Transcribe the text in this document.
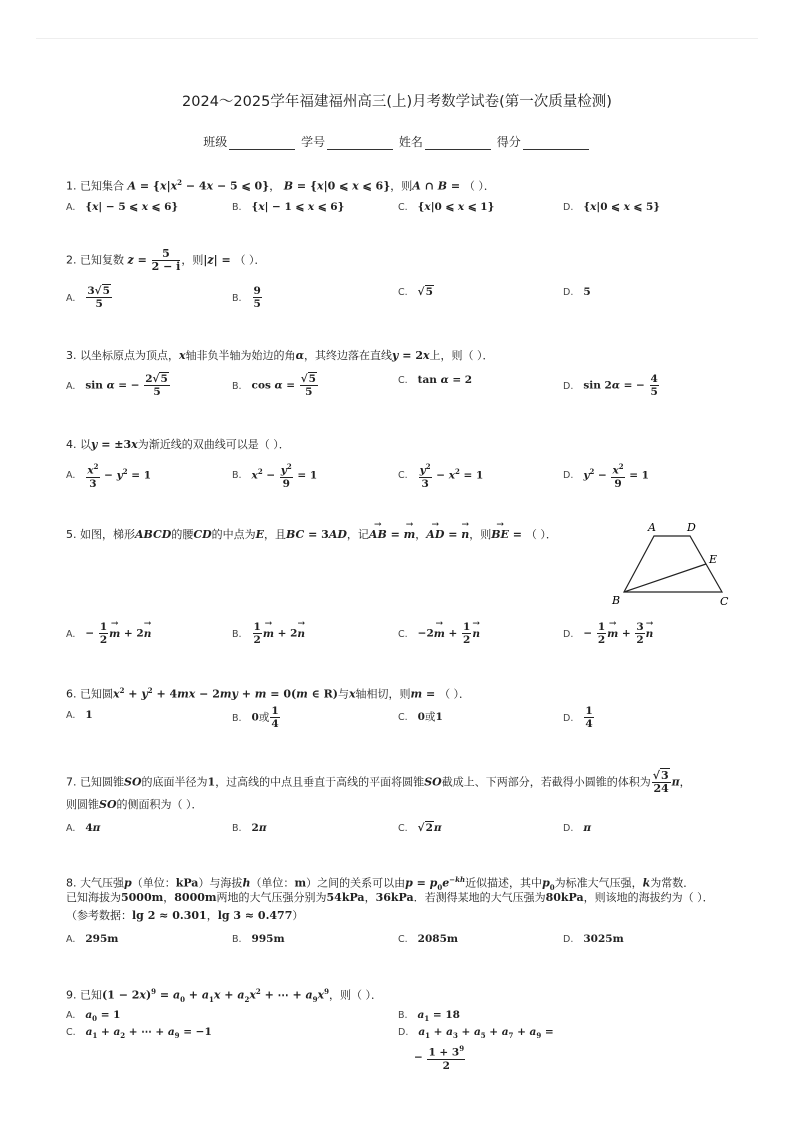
2024～2025学年福建福州高三(上)月考数学试卷(第一次质量检测)
班级	学号	姓名	得分
1. 已知集合 $A = \{x|x^2 - 4x - 5$ ⩽ 0}， B = {x|0 ⩽ x ⩽ 6}，则A ∩ B = （ ）．
A. {x| − 5 ⩽ x ⩽ 6}	B. {x| − 1 ⩽ x ⩽ 6}	C. {x|0 ⩽ x ⩽ 1}	D. {x|0 ⩽ x ⩽ 5}
2. 已知复数 $z = \frac{5}{2 - i}$ ，则|z| = （ ）．
A. $\frac{3√5}{5}$	B. $\frac{9}{5}$	C. √5	D. 5
3. 以坐标原点为顶点，x轴非负半轴为始边的角α，其终边落在直线y = 2x上，则（ ）．
A. sin α = − $\frac{2√5}{5}$	B. $\cos \alpha = \frac{√5}{5}$	C. tan α = 2	D. sin 2α = − $\frac{4}{5}$
4. 以y = ±3x为渐近线的双曲线可以是（ ）．
A. $\frac{x^2}{3} - y^2 = 1$	B. $x^2 - \frac{y^2}{9} = 1$	C. $\frac{y^2}{3} - x^2 = 1$	D. $y^2 - \frac{x^2}{9} = 1$
5. 如图，梯形ABCD的腰CD的中点为E，且BC = 3AD，记→ AB = → m，→ AD = → n，则→ BE = （ ）．
A	D
E
B	C
A. − $\frac{1}{2}$
→ m + 2→ n	B. $\frac{1}{2}$
→ m + 2→ n	C. $-2\to m + \frac{1}{2}$
→ n	D. − $\frac{1}{2}$
→ $m + \frac{3}{2}$
→ n
6. 已知圆$x^2 + y^2 + 4mx - 2my + m = 0(m$ ∈ R)与x轴相切，则m = （ ）．
A. 1	B. 0或 $\frac{1}{4}$	C. 0或1	D. $\frac{1}{4}$
7. 已知圆锥SO的底面半径为1，过高线的中点且垂直于高线的平面将圆锥SO截成上、下两部分，若截得小圆锥的体积为 $\frac{√3}{24}$ π，
则圆锥SO的侧面积为（ ）．
A. 4π	B. 2π	C. √2π	D. π
8. 大气压强p（单位：kPa）与海拔h（单位：m）之间的关系可以由$p = p_0e^{-kh}$近似描述，其中$p_0$为标准大气压强，k为常数．
已知海拔为5000m，8000m两地的大气压强分别为54kPa，36kPa．若测得某地的大气压强为80kPa，则该地的海拔约为（ ）．
（参考数据：lg 2 ≈ 0.301，lg 3 ≈ 0.477）
A. 295m	B. 995m	C. 2085m	D. 3025m
9. 已知$(1 - 2x)^9 = a_0 + a_1x + a_2x^2$ + ⋯ + $a_9x^9$，则（ ）．
A. $a_0 = 1$	B. $a_1 = 18$
C. $a_1 + a_2$ + ⋯ + $a_9 = -1$	D. $a_1 + a_3 + a_5 + a_7 + a_9$ =
− $\frac{1 + 3^9}{2}$
